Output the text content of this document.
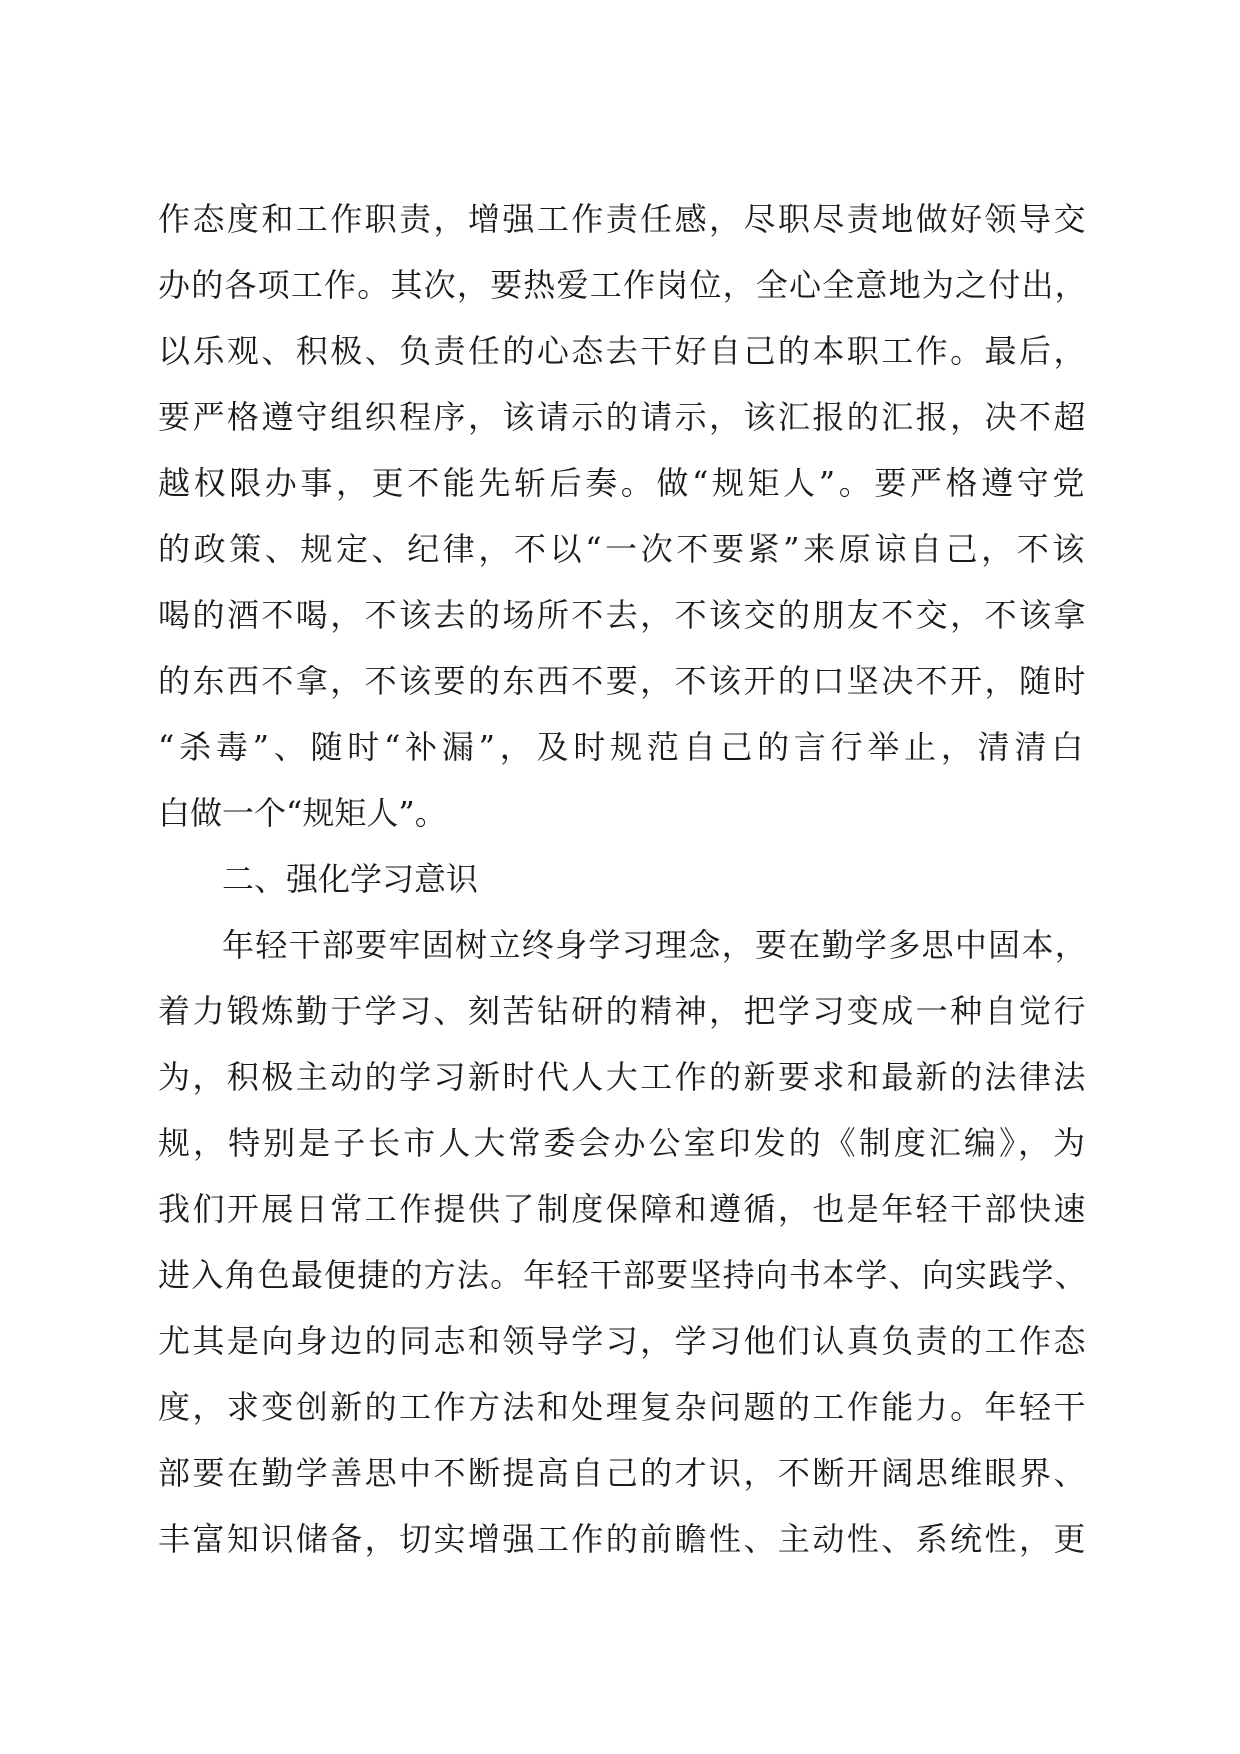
作态度和工作职责，增强工作责任感，尽职尽责地做好领导交
办的各项工作。其次，要热爱工作岗位，全心全意地为之付出，
以乐观、积极、负责任的心态去干好自己的本职工作。最后，
要严格遵守组织程序，该请示的请示，该汇报的汇报，决不超
越权限办事，更不能先斩后奏。做“规矩人”。要严格遵守党
的政策、规定、纪律，不以“一次不要紧”来原谅自己，不该
喝的酒不喝，不该去的场所不去，不该交的朋友不交，不该拿
的东西不拿，不该要的东西不要，不该开的口坚决不开，随时
“杀毒”、随时“补漏”，及时规范自己的言行举止，清清白
白做一个“规矩人”。
二、强化学习意识
年轻干部要牢固树立终身学习理念，要在勤学多思中固本，
着力锻炼勤于学习、刻苦钻研的精神，把学习变成一种自觉行
为，积极主动的学习新时代人大工作的新要求和最新的法律法
规，特别是子长市人大常委会办公室印发的《制度汇编》，为
我们开展日常工作提供了制度保障和遵循，也是年轻干部快速
进入角色最便捷的方法。年轻干部要坚持向书本学、向实践学、
尤其是向身边的同志和领导学习，学习他们认真负责的工作态
度，求变创新的工作方法和处理复杂问题的工作能力。年轻干
部要在勤学善思中不断提高自己的才识，不断开阔思维眼界、
丰富知识储备，切实增强工作的前瞻性、主动性、系统性，更
